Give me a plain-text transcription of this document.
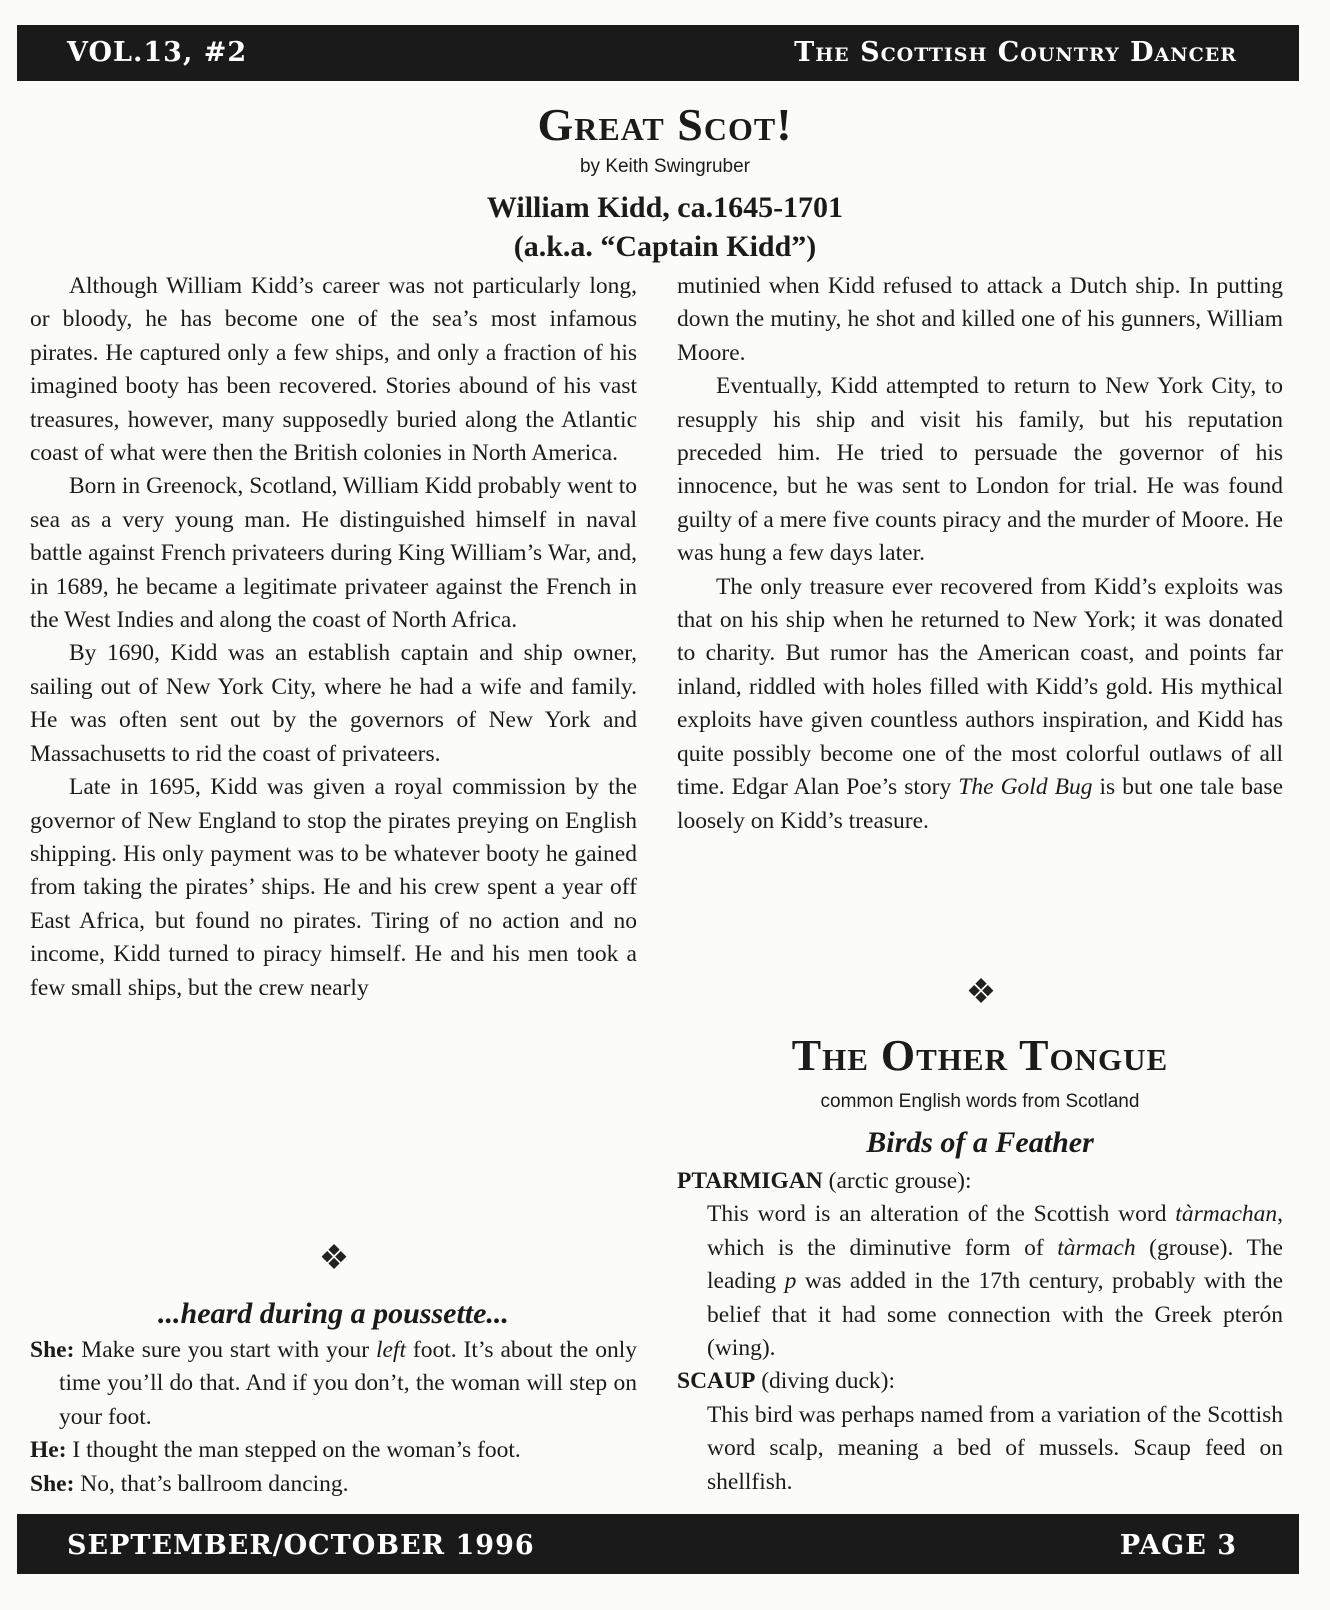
VOL.13, #2	The Scottish Country Dancer
Great Scot!
by Keith Swingruber
William Kidd, ca.1645-1701
(a.k.a. “Captain Kidd”)

Although William Kidd’s career was not particularly long, or bloody, he has become one of the sea’s most infamous pirates. He captured only a few ships, and only a fraction of his imagined booty has been recovered. Stories abound of his vast treasures, however, many supposedly buried along the Atlantic coast of what were then the British colonies in North America.

Born in Greenock, Scotland, William Kidd probably went to sea as a very young man. He distinguished himself in naval battle against French privateers during King William’s War, and, in 1689, he became a legitimate privateer against the French in the West Indies and along the coast of North Africa.

By 1690, Kidd was an establish captain and ship owner, sailing out of New York City, where he had a wife and family. He was often sent out by the governors of New York and Massachusetts to rid the coast of privateers.

Late in 1695, Kidd was given a royal commission by the governor of New England to stop the pirates preying on English shipping. His only payment was to be whatever booty he gained from taking the pirates’ ships. He and his crew spent a year off East Africa, but found no pirates. Tiring of no action and no income, Kidd turned to piracy himself. He and his men took a few small ships, but the crew nearly

❖
...heard during a poussette...
She: Make sure you start with your left foot. It’s about the only time you’ll do that. And if you don’t, the woman will step on your foot.
He: I thought the man stepped on the woman’s foot.
She: No, that’s ballroom dancing.

mutinied when Kidd refused to attack a Dutch ship. In putting down the mutiny, he shot and killed one of his gunners, William Moore.

Eventually, Kidd attempted to return to New York City, to resupply his ship and visit his family, but his reputation preceded him. He tried to persuade the governor of his innocence, but he was sent to London for trial. He was found guilty of a mere five counts piracy and the murder of Moore. He was hung a few days later.

The only treasure ever recovered from Kidd’s exploits was that on his ship when he returned to New York; it was donated to charity. But rumor has the American coast, and points far inland, riddled with holes filled with Kidd’s gold. His mythical exploits have given countless authors inspiration, and Kidd has quite possibly become one of the most colorful outlaws of all time. Edgar Alan Poe’s story The Gold Bug is but one tale base loosely on Kidd’s treasure.

❖
The Other Tongue
common English words from Scotland
Birds of a Feather
PTARMIGAN (arctic grouse):
This word is an alteration of the Scottish word tàrmachan, which is the diminutive form of tàrmach (grouse). The leading p was added in the 17th century, probably with the belief that it had some connection with the Greek pterón (wing).
SCAUP (diving duck):
This bird was perhaps named from a variation of the Scottish word scalp, meaning a bed of mussels. Scaup feed on shellfish.
SEPTEMBER/OCTOBER 1996	PAGE 3
